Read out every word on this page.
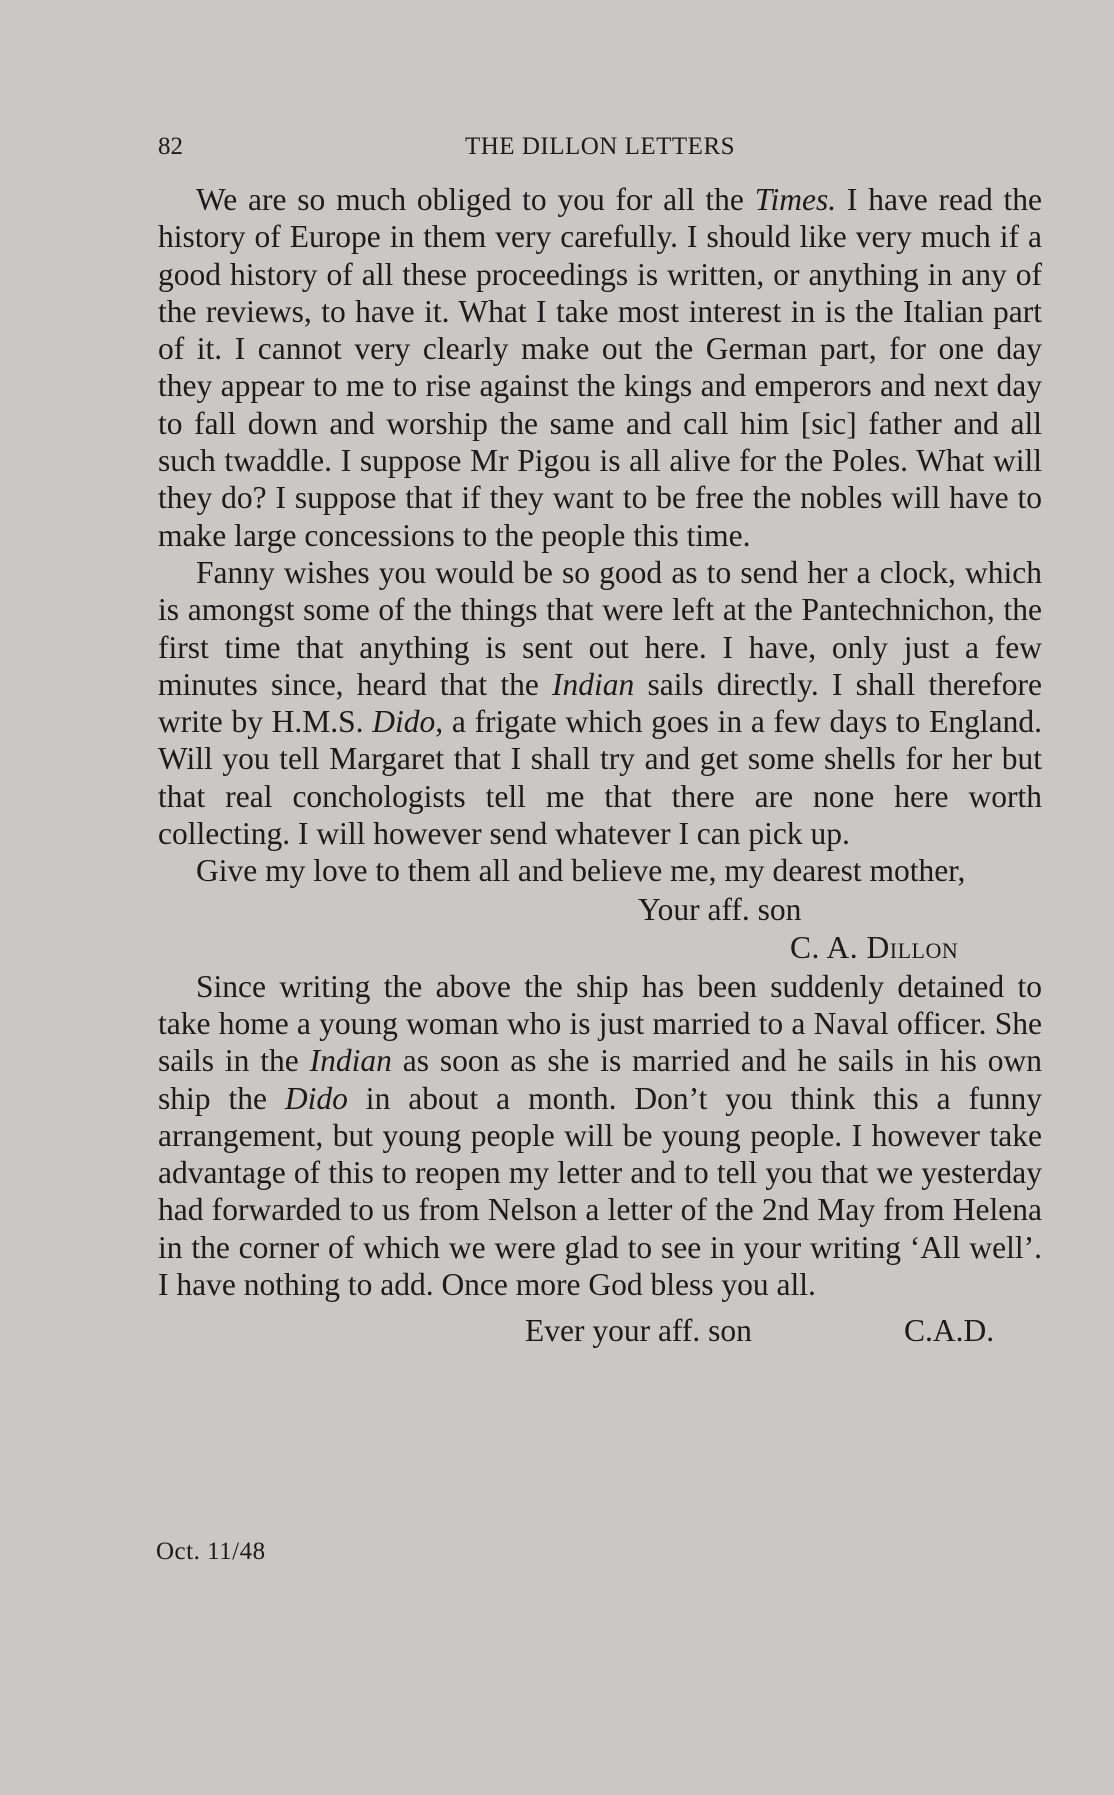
82	THE DILLON LETTERS

We are so much obliged to you for all the Times. I have read the history of Europe in them very carefully. I should like very much if a good history of all these proceedings is written, or anything in any of the reviews, to have it. What I take most interest in is the Italian part of it. I cannot very clearly make out the German part, for one day they appear to me to rise against the kings and emperors and next day to fall down and worship the same and call him [sic] father and all such twaddle. I suppose Mr Pigou is all alive for the Poles. What will they do? I suppose that if they want to be free the nobles will have to make large concessions to the people this time.

Fanny wishes you would be so good as to send her a clock, which is amongst some of the things that were left at the Pantechnichon, the first time that anything is sent out here. I have, only just a few minutes since, heard that the Indian sails directly. I shall therefore write by H.M.S. Dido, a frigate which goes in a few days to England. Will you tell Margaret that I shall try and get some shells for her but that real conchologists tell me that there are none here worth collecting. I will however send whatever I can pick up.

Give my love to them all and believe me, my dearest mother,

Your aff. son
C. A. Dillon

Since writing the above the ship has been suddenly detained to take home a young woman who is just married to a Naval officer. She sails in the Indian as soon as she is married and he sails in his own ship the Dido in about a month. Don’t you think this a funny arrangement, but young people will be young people. I however take advantage of this to reopen my letter and to tell you that we yesterday had forwarded to us from Nelson a letter of the 2nd May from Helena in the corner of which we were glad to see in your writing ‘All well’. I have nothing to add. Once more God bless you all.

Ever your aff. son	C.A.D.
Oct. 11/48
